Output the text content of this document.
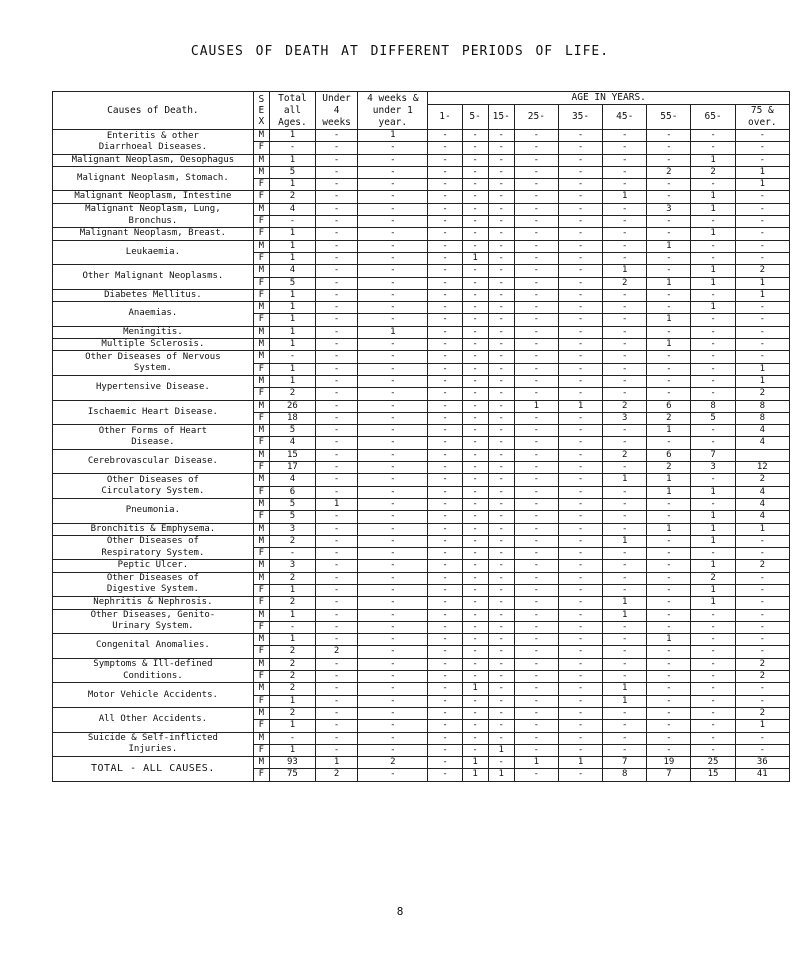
CAUSES OF DEATH AT DIFFERENT PERIODS OF LIFE.
Causes of Death.	S E X	Total all Ages.	Under 4 weeks	4 weeks & under 1 year.	AGE IN YEARS.								
					1-	5-	15-	25-	35-	45-	55-	65-	75 & over.

Enteritis & other
Diarrhoeal Diseases.	M	1	-	1	-	-	-	-	-	-	-	-	-
	F	-	-	-	-	-	-	-	-	-	-	-	-

Malignant Neoplasm, Oesophagus	M	1	-	-	-	-	-	-	-	-	-	1	-

Malignant Neoplasm, Stomach.	M	5	-	-	-	-	-	-	-	-	2	2	1
	F	1	-	-	-	-	-	-	-	-	-	-	1

Malignant Neoplasm, Intestine	F	2	-	-	-	-	-	-	-	1	-	1	-

Malignant Neoplasm, Lung,
Bronchus.	M	4	-	-	-	-	-	-	-	-	3	1	-
	F	-	-	-	-	-	-	-	-	-	-	-	-

Malignant Neoplasm, Breast.	F	1	-	-	-	-	-	-	-	-	-	1	-

Leukaemia.	M	1	-	-	-	-	-	-	-	-	1	-	-
	F	1	-	-	-	1	-	-	-	-	-	-	-

Other Malignant Neoplasms.	M	4	-	-	-	-	-	-	-	1	-	1	2
	F	5	-	-	-	-	-	-	-	2	1	1	1

Diabetes Mellitus.	F	1	-	-	-	-	-	-	-	-	-	-	1

Anaemias.	M	1	-	-	-	-	-	-	-	-	-	1	-
	F	1	-	-	-	-	-	-	-	-	1	-	-

Meningitis.	M	1	-	1	-	-	-	-	-	-	-	-	-

Multiple Sclerosis.	M	1	-	-	-	-	-	-	-	-	1	-	-

Other Diseases of Nervous
System.	M	-	-	-	-	-	-	-	-	-	-	-	-
	F	1	-	-	-	-	-	-	-	-	-	-	1

Hypertensive Disease.	M	1	-	-	-	-	-	-	-	-	-	-	1
	F	2	-	-	-	-	-	-	-	-	-	-	2

Ischaemic Heart Disease.	M	26	-	-	-	-	-	1	1	2	6	8	8
	F	18	-	-	-	-	-	-	-	3	2	5	8

Other Forms of Heart
Disease.	M	5	-	-	-	-	-	-	-	-	1	-	4
	F	4	-	-	-	-	-	-	-	-	-	-	4

Cerebrovascular Disease.	M	15	-	-	-	-	-	-	-	2	6	7	
	F	17	-	-	-	-	-	-	-	-	2	3	12

Other Diseases of
Circulatory System.	M	4	-	-	-	-	-	-	-	1	1	-	2
	F	6	-	-	-	-	-	-	-	-	1	1	4

Pneumonia.	M	5	1	-	-	-	-	-	-	-	-	-	4
	F	5	-	-	-	-	-	-	-	-	-	1	4

Bronchitis & Emphysema.	M	3	-	-	-	-	-	-	-	-	1	1	1

Other Diseases of
Respiratory System.	M	2	-	-	-	-	-	-	-	1	-	1	-
	F	-	-	-	-	-	-	-	-	-	-	-	-

Peptic Ulcer.	M	3	-	-	-	-	-	-	-	-	-	1	2

Other Diseases of
Digestive System.	M	2	-	-	-	-	-	-	-	-	-	2	-
	F	1	-	-	-	-	-	-	-	-	-	1	-

Nephritis & Nephrosis.	F	2	-	-	-	-	-	-	-	1	-	1	-

Other Diseases, Genito-
Urinary System.	M	1	-	-	-	-	-	-	-	1	-	-	-
	F	-	-	-	-	-	-	-	-	-	-	-	-

Congenital Anomalies.	M	1	-	-	-	-	-	-	-	-	1	-	-
	F	2	2	-	-	-	-	-	-	-	-	-	-

Symptoms & Ill-defined
Conditions.	M	2	-	-	-	-	-	-	-	-	-	-	2
	F	2	-	-	-	-	-	-	-	-	-	-	2

Motor Vehicle Accidents.	M	2	-	-	-	1	-	-	-	1	-	-	-
	F	1	-	-	-	-	-	-	-	1	-	-	-

All Other Accidents.	M	2	-	-	-	-	-	-	-	-	-	-	2
	F	1	-	-	-	-	-	-	-	-	-	-	1

Suicide & Self-inflicted
Injuries.	M	-	-	-	-	-	-	-	-	-	-	-	-
	F	1	-	-	-	-	1	-	-	-	-	-	-

TOTAL - ALL CAUSES.	M	93	1	2	-	1	-	1	1	7	19	25	36
	F	75	2	-	-	1	1	-	-	8	7	15	41
8
